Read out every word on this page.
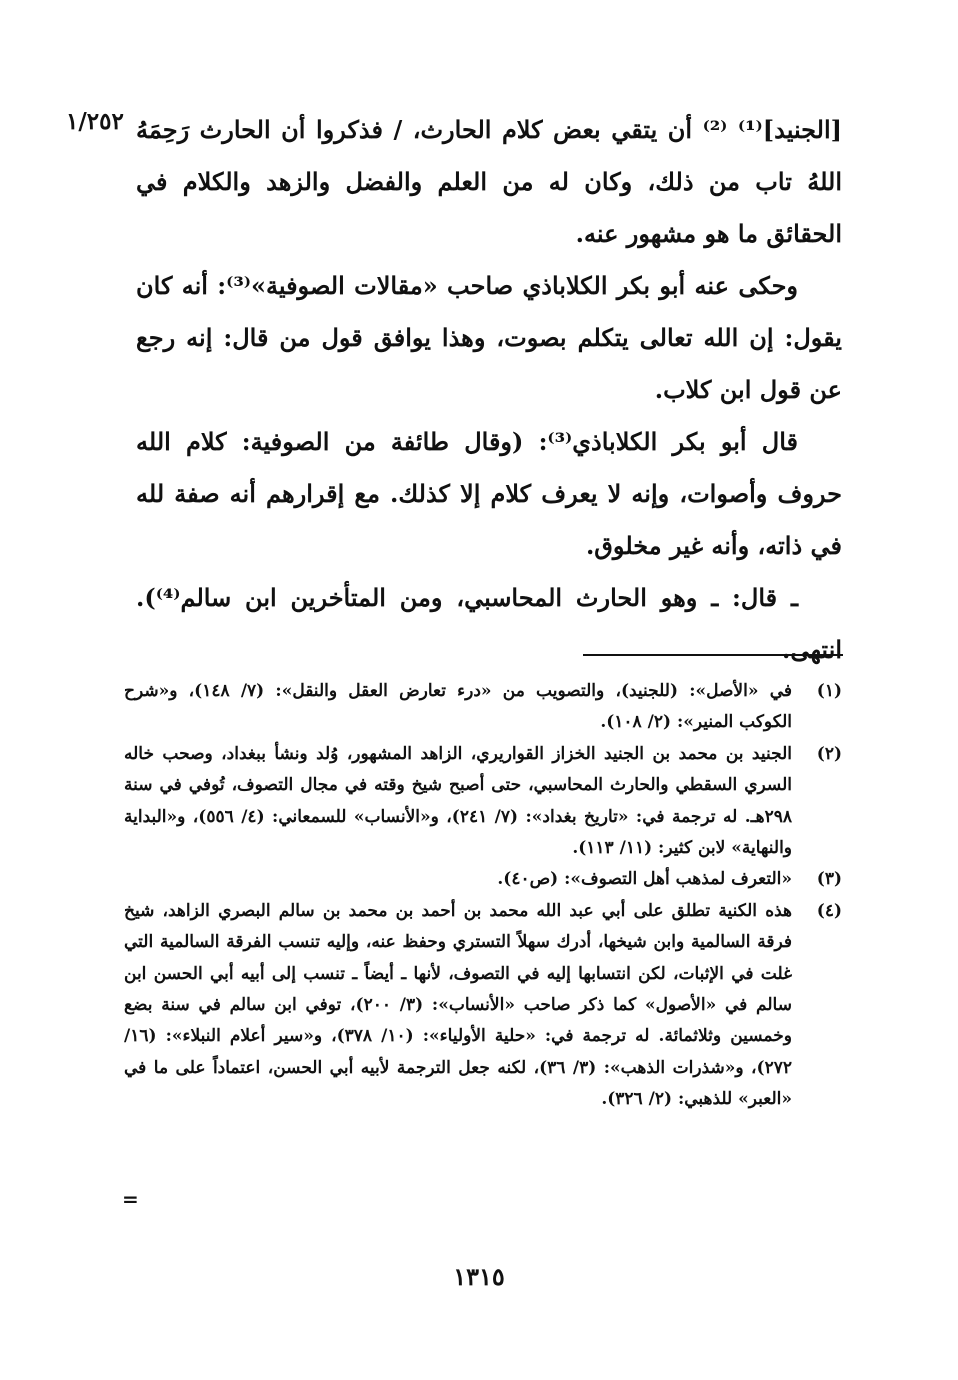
١/٢٥٢ [الجنيد]⁽¹⁾ ⁽²⁾ أن يتقي بعض كلام الحارث، / فذكروا أن الحارث رَحِمَهُ اللهُ تاب من ذلك، وكان له من العلم والفضل والزهد والكلام في الحقائق ما هو مشهور عنه.

وحكى عنه أبو بكر الكلاباذي صاحب «مقالات الصوفية»⁽³⁾: أنه كان يقول: إن الله تعالى يتكلم بصوت، وهذا يوافق قول من قال: إنه رجع عن قول ابن كلاب.

قال أبو بكر الكلاباذي⁽³⁾: (وقال طائفة من الصوفية: كلام الله حروف وأصوات، وإنه لا يعرف كلام إلا كذلك. مع إقرارهم أنه صفة لله في ذاته، وأنه غير مخلوق.

ـ قال: ـ وهو الحارث المحاسبي، ومن المتأخرين ابن سالم⁽⁴⁾). انتهى.

(١)
في «الأصل»: (للجنيد)، والتصويب من «درء تعارض العقل والنقل»: (٧/ ١٤٨)، و«شرح الكوكب المنير»: (٢/ ١٠٨).
(٢)
الجنيد بن محمد بن الجنيد الخزاز القواريري، الزاهد المشهور، وُلد ونشأ ببغداد، وصحب خاله السري السقطي والحارث المحاسبي، حتى أصبح شيخ وقته في مجال التصوف، تُوفي في سنة ٢٩٨هـ. له ترجمة في: «تاريخ بغداد»: (٧/ ٢٤١)، و«الأنساب» للسمعاني: (٤/ ٥٥٦)، و«البداية والنهاية» لابن كثير: (١١/ ١١٣).
(٣)
«التعرف لمذهب أهل التصوف»: (ص٤٠).
(٤)
هذه الكنية تطلق على أبي عبد الله محمد بن أحمد بن محمد بن سالم البصري الزاهد، شيخ فرقة السالمية وابن شيخها، أدرك سهلاً التستري وحفظ عنه، وإليه تنسب الفرقة السالمية التي غلت في الإثبات، لكن انتسابها إليه في التصوف، لأنها ـ أيضاً ـ تنسب إلى أبيه أبي الحسن ابن سالم في «الأصول» كما ذكر صاحب «الأنساب»: (٣/ ٢٠٠)، توفي ابن سالم في سنة بضع وخمسين وثلاثمائة. له ترجمة في: «حلية الأولياء»: (١٠/ ٣٧٨)، و«سير أعلام النبلاء»: (١٦/ ٢٧٢)، و«شذرات الذهب»: (٣/ ٣٦)، لكنه جعل الترجمة لأبيه أبي الحسن، اعتماداً على ما في «العبر» للذهبي: (٢/ ٣٢٦).
=
١٣١٥
